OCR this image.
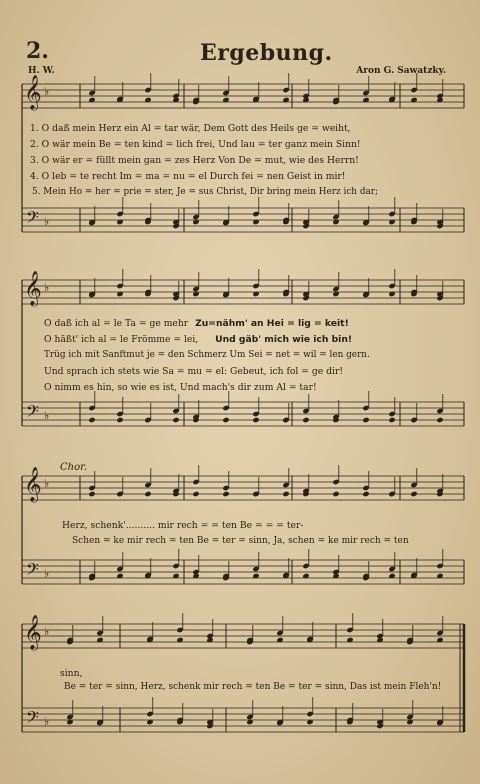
𝄞
𝄢
♭
♭
𝄞
𝄢
♭
♭
𝄞
𝄢
♭
♭
𝄞
𝄢
♭
♭
2.	Ergebung.
H. W.	Aron G. Sawatzky.
1. O daß mein Herz ein Al = tar wär, Dem Gott des Heils ge = weiht,
2. O wär mein Be = ten kind = lich frei, Und lau = ter ganz mein Sinn!
3. O wär er = füllt mein gan = zes Herz Von De = mut, wie des Herrn!
4. O leb = te recht Im = ma = nu = el Durch fei = nen Geist in mir!
5. Mein Ho = her = prie = ster, Je = sus Christ, Dir bring mein Herz ich dar;
O daß ich al = le Ta = ge mehr Zu=nähm' an Hei = lig = keit!
O häßt' ich al = le Frömme = lei, Und gäb' mich wie ich bin!
Trüg ich mit Sanftmut je = den Schmerz Um Sei = net = wil = len gern.
Und sprach ich stets wie Sa = mu = el: Gebeut, ich fol = ge dir!
O nimm es hin, so wie es ist, Und mach's dir zum Al = tar!
Chor.
Herz, schenk'.......... mir rech = = ten Be = = = ter-
Schen = ke mir rech = ten Be = ter = sinn, Ja, schen = ke mir rech = ten
sinn,
Be = ter = sinn, Herz, schenk mir rech = ten Be = ter = sinn, Das ist mein Fleh'n!
